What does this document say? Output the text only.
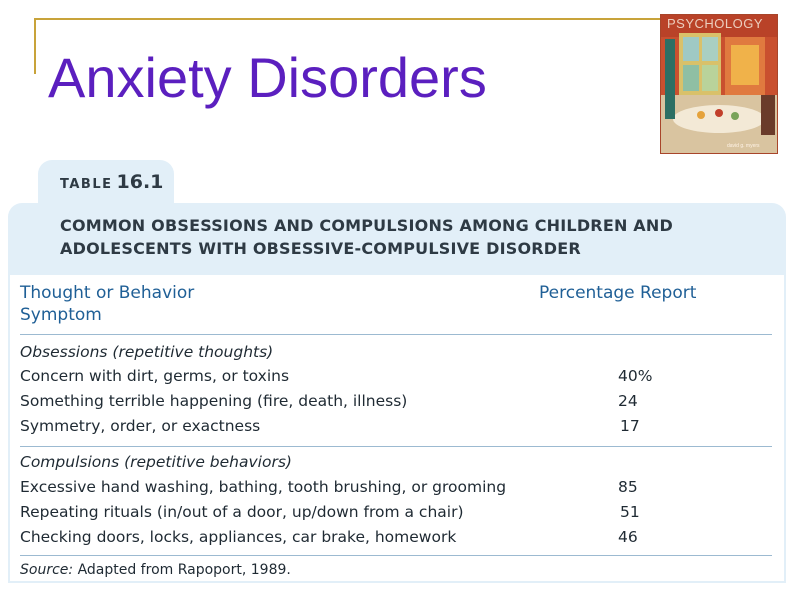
Anxiety Disorders
PSYCHOLOGY
david g. myers
TABLE 16.1
COMMON OBSESSIONS AND COMPULSIONS AMONG CHILDREN AND
ADOLESCENTS WITH OBSESSIVE-COMPULSIVE DISORDER
Thought or Behavior
Symptom
Percentage Report
Obsessions (repetitive thoughts)
Concern with dirt, germs, or toxins	40%
Something terrible happening (fire, death, illness)	24
Symmetry, order, or exactness	17
Compulsions (repetitive behaviors)
Excessive hand washing, bathing, tooth brushing, or grooming	85
Repeating rituals (in/out of a door, up/down from a chair)	51
Checking doors, locks, appliances, car brake, homework	46
Source: Adapted from Rapoport, 1989.
